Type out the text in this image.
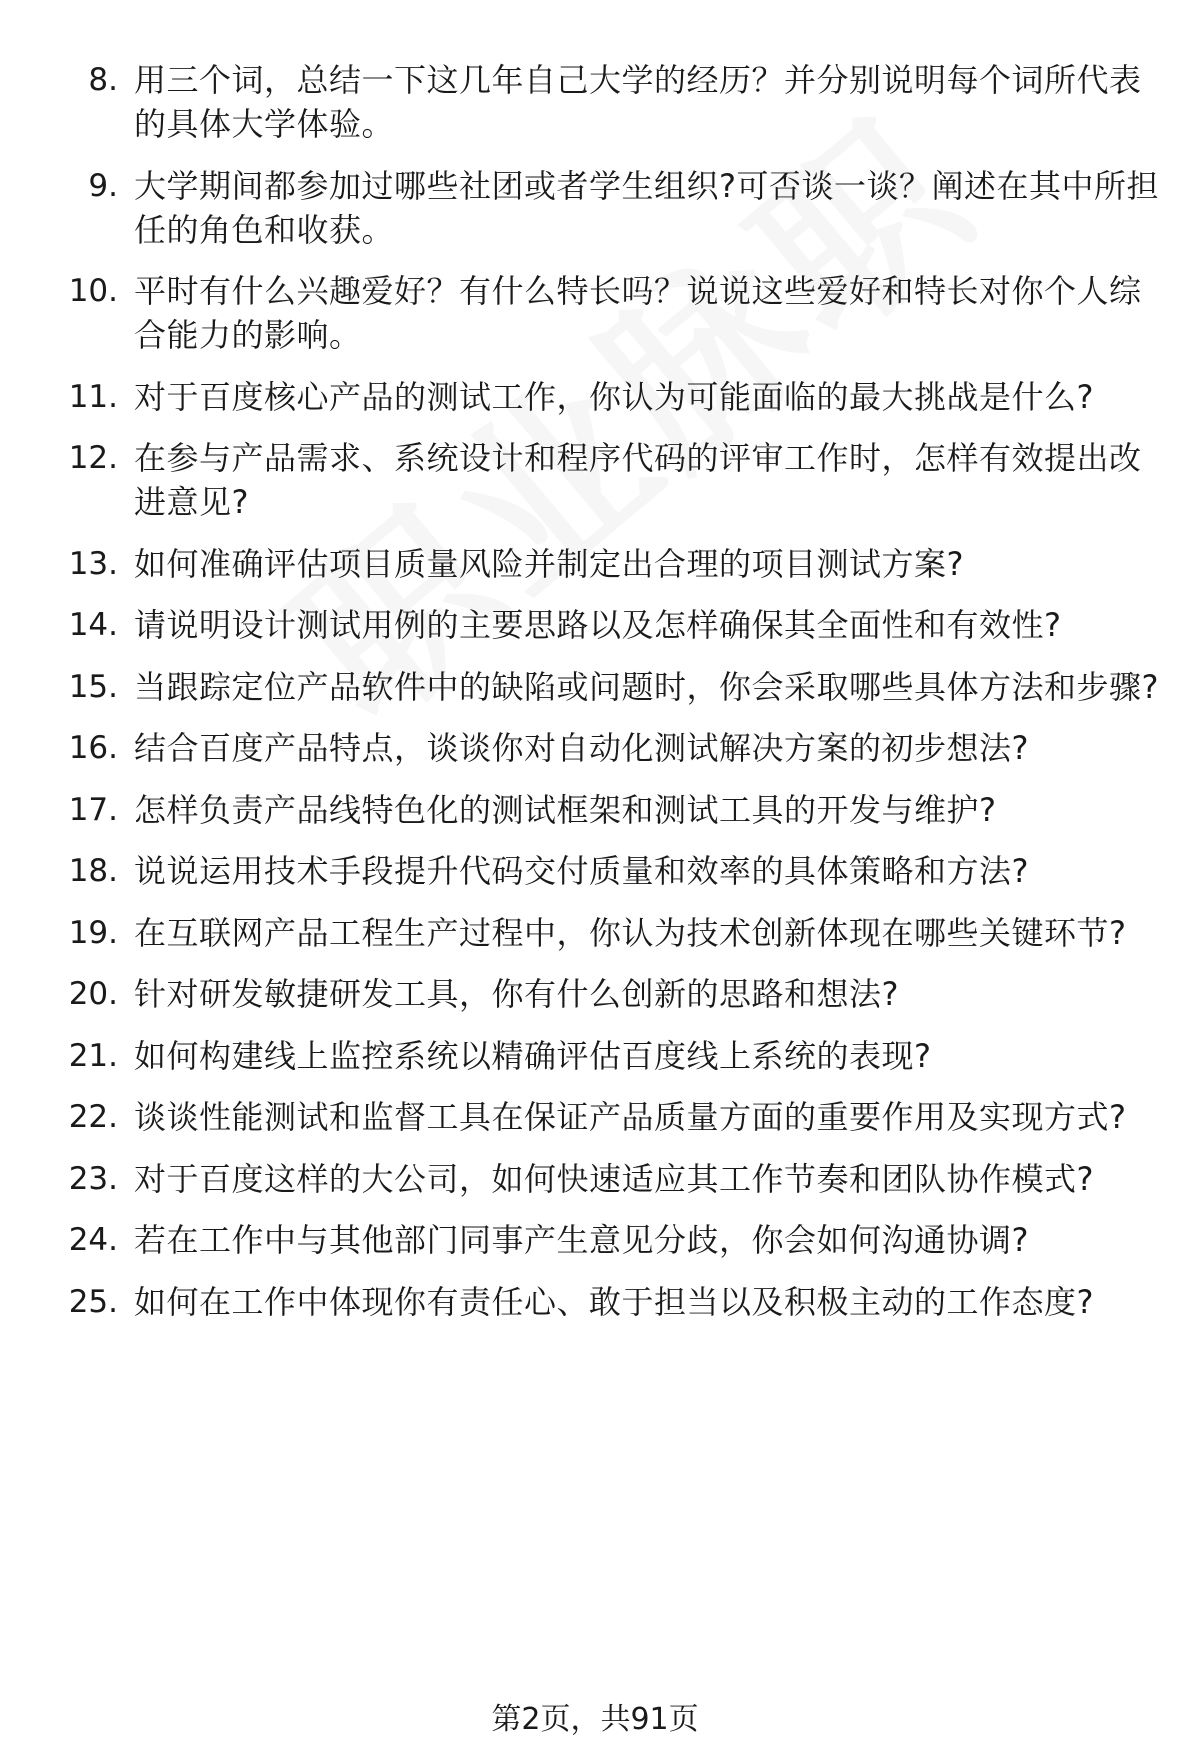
8. 用三个词，总结一下这几年自己大学的经历？并分别说明每个词所代表的具体大学体验。
9. 大学期间都参加过哪些社团或者学生组织?可否谈一谈？阐述在其中所担任的角色和收获。
10. 平时有什么兴趣爱好？有什么特长吗？说说这些爱好和特长对你个人综合能力的影响。
11. 对于百度核心产品的测试工作，你认为可能面临的最大挑战是什么?
12. 在参与产品需求、系统设计和程序代码的评审工作时，怎样有效提出改进意见?
13. 如何准确评估项目质量风险并制定出合理的项目测试方案?
14. 请说明设计测试用例的主要思路以及怎样确保其全面性和有效性?
15. 当跟踪定位产品软件中的缺陷或问题时，你会采取哪些具体方法和步骤?
16. 结合百度产品特点，谈谈你对自动化测试解决方案的初步想法?
17. 怎样负责产品线特色化的测试框架和测试工具的开发与维护?
18. 说说运用技术手段提升代码交付质量和效率的具体策略和方法?
19. 在互联网产品工程生产过程中，你认为技术创新体现在哪些关键环节?
20. 针对研发敏捷研发工具，你有什么创新的思路和想法?
21. 如何构建线上监控系统以精确评估百度线上系统的表现?
22. 谈谈性能测试和监督工具在保证产品质量方面的重要作用及实现方式?
23. 对于百度这样的大公司，如何快速适应其工作节奏和团队协作模式?
24. 若在工作中与其他部门同事产生意见分歧，你会如何沟通协调?
25. 如何在工作中体现你有责任心、敢于担当以及积极主动的工作态度?
第2页，共91页
